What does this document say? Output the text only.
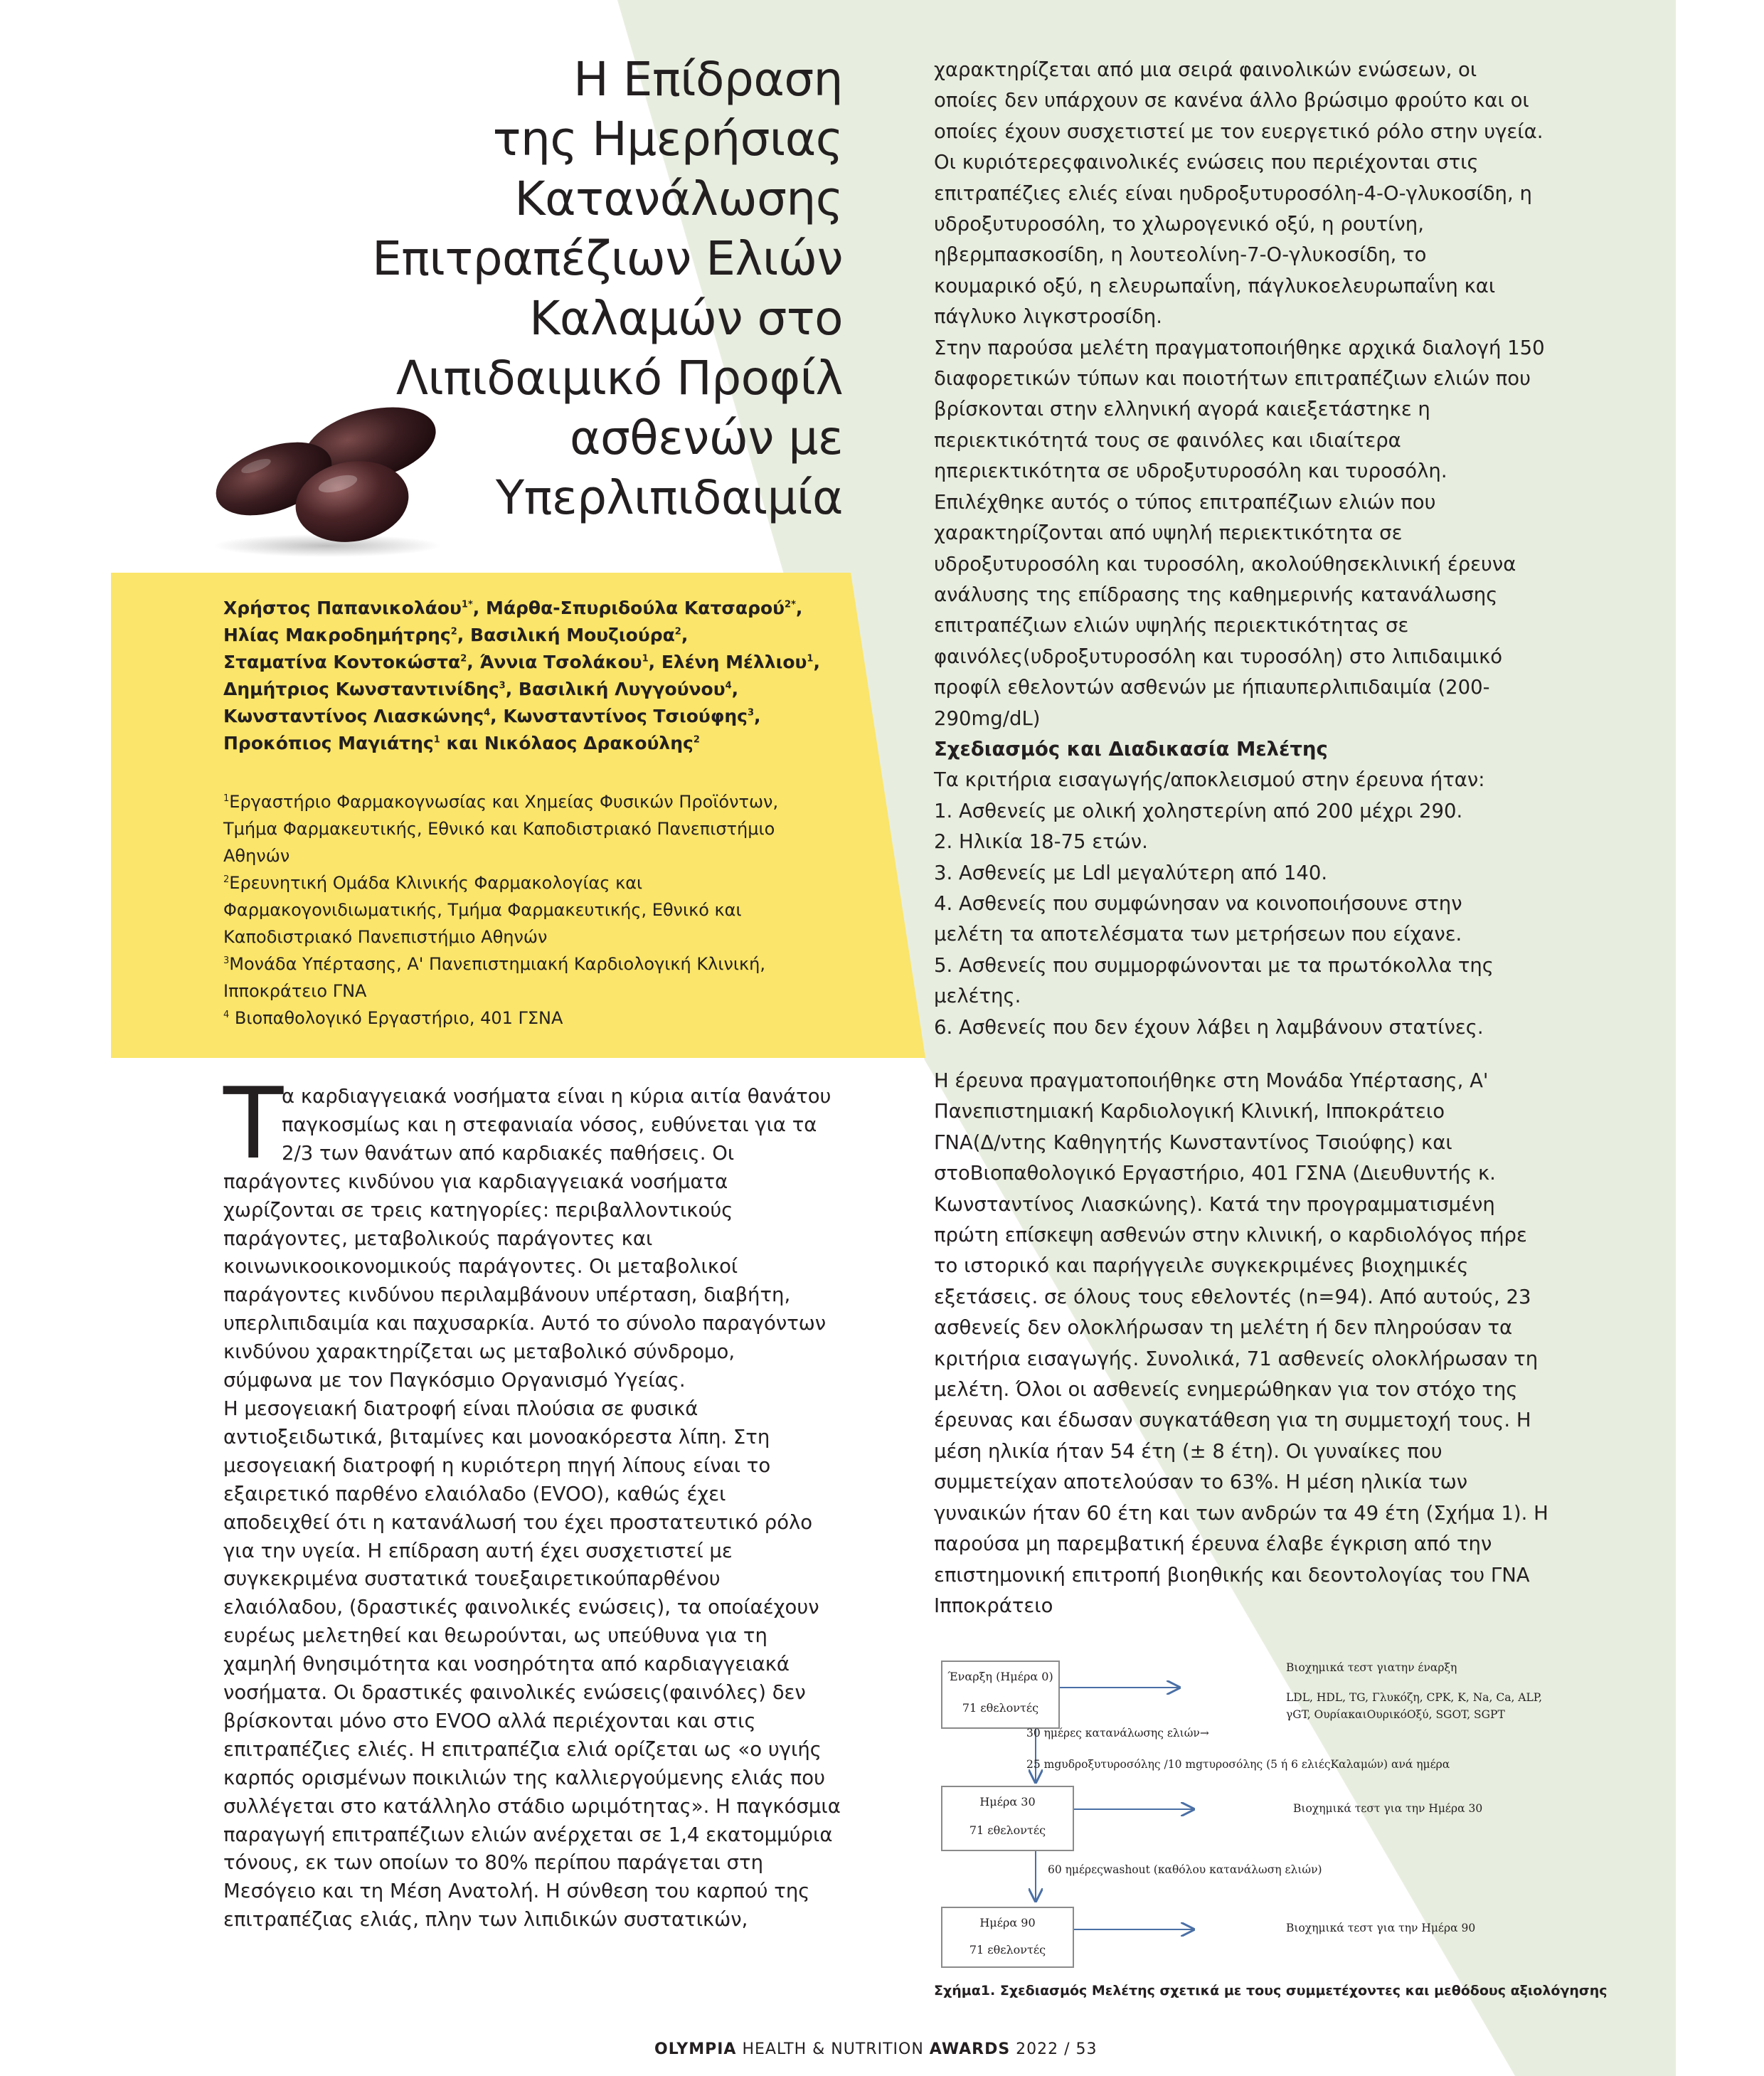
Η Επίδραση
της Ημερήσιας
Κατανάλωσης
Επιτραπέζιων Ελιών
Καλαμών στο
Λιπιδαιμικό Προφίλ
ασθενών με
Υπερλιπιδαιμία
Χρήστος Παπανικολάου$^{1*}$, Μάρθα-Σπυριδούλα Κατσαρού$^{2*}$
Ηλίας Μακροδημήτρης$^2$, Βασιλική Μουζιούρα$^2$,
Σταματίνα Κοντοκώστα$^2$, Άννια Τσολάκου$^1$, Ελένη Μέλλιου$^1$
Δημήτριος Κωνσταντινίδης$^3$, Βασιλική Λυγγούνου$^4$,
Κωνσταντίνος Λιασκώνης$^4$, Κωνσταντίνος Τσιούφης$^3$,
Προκόπιος Μαγιάτης$^1$ και Νικόλαος Δρακούλης$^2$
$^1$Εργαστήριο Φαρμακογνωσίας και Χημείας Φυσικών Προϊόντων,
Τμήμα Φαρμακευτικής, Εθνικό και Καποδιστριακό Πανεπιστήμιο
Αθηνών
$^2$Ερευνητική Ομάδα Κλινικής Φαρμακολογίας και
Φαρμακογονιδιωματικής, Τμήμα Φαρμακευτικής, Εθνικό και
Καποδιστριακό Πανεπιστήμιο Αθηνών
$^3$Μονάδα Υπέρτασης, Α' Πανεπιστημιακή Καρδιολογική Κλινική,
Ιπποκράτειο ΓΝΑ
$^4$ Βιοπαθολογικό Εργαστήριο, 401 ΓΣΝΑ
Τ
α καρδιαγγειακά νοσήματα είναι η κύρια αιτία θανάτου
παγκοσμίως και η στεφανιαία νόσος, ευθύνεται για τα
2/3 των θανάτων από καρδιακές παθήσεις. Οι
παράγοντες κινδύνου για καρδιαγγειακά νοσήματα
χωρίζονται σε τρεις κατηγορίες: περιβαλλοντικούς
παράγοντες, μεταβολικούς παράγοντες και
κοινωνικοοικονομικούς παράγοντες. Οι μεταβολικοί
παράγοντες κινδύνου περιλαμβάνουν υπέρταση, διαβήτη,
υπερλιπιδαιμία και παχυσαρκία. Αυτό το σύνολο παραγόντων
κινδύνου χαρακτηρίζεται ως μεταβολικό σύνδρομο,
σύμφωνα με τον Παγκόσμιο Οργανισμό Υγείας.
Η μεσογειακή διατροφή είναι πλούσια σε φυσικά
αντιοξειδωτικά, βιταμίνες και μονοακόρεστα λίπη. Στη
μεσογειακή διατροφή η κυριότερη πηγή λίπους είναι το
εξαιρετικό παρθένο ελαιόλαδο (EVOO), καθώς έχει
αποδειχθεί ότι η κατανάλωσή του έχει προστατευτικό ρόλο
για την υγεία. Η επίδραση αυτή έχει συσχετιστεί με
συγκεκριμένα συστατικά τουεξαιρετικούπαρθένου
ελαιόλαδου, (δραστικές φαινολικές ενώσεις), τα οποίαέχουν
ευρέως μελετηθεί και θεωρούνται, ως υπεύθυνα για τη
χαμηλή θνησιμότητα και νοσηρότητα από καρδιαγγειακά
νοσήματα. Οι δραστικές φαινολικές ενώσεις(φαινόλες) δεν
βρίσκονται μόνο στο EVOO αλλά περιέχονται και στις
επιτραπέζιες ελιές. Η επιτραπέζια ελιά ορίζεται ως «ο υγιής
καρπός ορισμένων ποικιλιών της καλλιεργούμενης ελιάς που
συλλέγεται στο κατάλληλο στάδιο ωριμότητας». Η παγκόσμια
παραγωγή επιτραπέζιων ελιών ανέρχεται σε 1,4 εκατομμύρια
τόνους, εκ των οποίων το 80% περίπου παράγεται στη
Μεσόγειο και τη Μέση Ανατολή. Η σύνθεση του καρπού της
επιτραπέζιας ελιάς, πλην των λιπιδικών συστατικών,
χαρακτηρίζεται από μια σειρά φαινολικών ενώσεων, οι
οποίες δεν υπάρχουν σε κανένα άλλο βρώσιμο φρούτο και οι
οποίες έχουν συσχετιστεί με τον ευεργετικό ρόλο στην υγεία.
Οι κυριότερεςφαινολικές ενώσεις που περιέχονται στις
επιτραπέζιες ελιές είναι ηυδροξυτυροσόλη-4-Ο-γλυκοσίδη, η
υδροξυτυροσόλη, το χλωρογενικό οξύ, η ρουτίνη,
ηβερμπασκοσίδη, η λουτεολίνη-7-Ο-γλυκοσίδη, το
κουμαρικό οξύ, η ελευρωπαΐνη, πάγλυκοελευρωπαΐνη και
πάγλυκο λιγκστροσίδη.
Στην παρούσα μελέτη πραγματοποιήθηκε αρχικά διαλογή 150
διαφορετικών τύπων και ποιοτήτων επιτραπέζιων ελιών που
βρίσκονται στην ελληνική αγορά καιεξετάστηκε η
περιεκτικότητά τους σε φαινόλες και ιδιαίτερα
ηπεριεκτικότητα σε υδροξυτυροσόλη και τυροσόλη.
Επιλέχθηκε αυτός ο τύπος επιτραπέζιων ελιών που
χαρακτηρίζονται από υψηλή περιεκτικότητα σε
υδροξυτυροσόλη και τυροσόλη, ακολούθησεκλινική έρευνα
ανάλυσης της επίδρασης της καθημερινής κατανάλωσης
επιτραπέζιων ελιών υψηλής περιεκτικότητας σε
φαινόλες(υδροξυτυροσόλη και τυροσόλη) στο λιπιδαιμικό
προφίλ εθελοντών ασθενών με ήπιαυπερλιπιδαιμία (200-
290mg/dL)
Σχεδιασμός και Διαδικασία Μελέτης
Τα κριτήρια εισαγωγής/αποκλεισμού στην έρευνα ήταν:
1. Ασθενείς με ολική χοληστερίνη από 200 μέχρι 290.
2. Ηλικία 18-75 ετών.
3. Ασθενείς με Ldl μεγαλύτερη από 140.
4. Ασθενείς που συμφώνησαν να κοινοποιήσουνε στην
μελέτη τα αποτελέσματα των μετρήσεων που είχανε.
5. Ασθενείς που συμμορφώνονται με τα πρωτόκολλα της
μελέτης.
6. Ασθενείς που δεν έχουν λάβει η λαμβάνουν στατίνες.
Η έρευνα πραγματοποιήθηκε στη Μονάδα Υπέρτασης, Α'
Πανεπιστημιακή Καρδιολογική Κλινική, Ιπποκράτειο
ΓΝΑ(Δ/ντης Καθηγητής Κωνσταντίνος Τσιούφης) και
στοΒιοπαθολογικό Εργαστήριο, 401 ΓΣΝΑ (Διευθυντής κ.
Κωνσταντίνος Λιασκώνης). Κατά την προγραμματισμένη
πρώτη επίσκεψη ασθενών στην κλινική, ο καρδιολόγος πήρε
το ιστορικό και παρήγγειλε συγκεκριμένες βιοχημικές
εξετάσεις. σε όλους τους εθελοντές (n=94). Από αυτούς, 23
ασθενείς δεν ολοκλήρωσαν τη μελέτη ή δεν πληρούσαν τα
κριτήρια εισαγωγής. Συνολικά, 71 ασθενείς ολοκλήρωσαν τη
μελέτη. Όλοι οι ασθενείς ενημερώθηκαν για τον στόχο της
έρευνας και έδωσαν συγκατάθεση για τη συμμετοχή τους. Η
μέση ηλικία ήταν 54 έτη (± 8 έτη). Οι γυναίκες που
συμμετείχαν αποτελούσαν το 63%. Η μέση ηλικία των
γυναικών ήταν 60 έτη και των ανδρών τα 49 έτη (Σχήμα 1). Η
παρούσα μη παρεμβατική έρευνα έλαβε έγκριση από την
επιστημονική επιτροπή βιοηθικής και δεοντολογίας του ΓΝΑ
Ιπποκράτειο
Έναρξη (Ημέρα 0)
71 εθελοντές
Βιοχημικά τεστ γιατην έναρξη
LDL, HDL, TG, Γλυκόζη, CPK, K, Na, Ca, ALP,
γGT, ΟυρίακαιΟυρικόΟξύ, SGOT, SGPT
30 ημέρες κατανάλωσης ελιών→
25 mgυδροξυτυροσόλης /10 mgτυροσόλης (5 ή 6 ελιέςΚαλαμών) ανά ημέρα
Ημέρα 30
71 εθελοντές
Βιοχημικά τεστ για την Ημέρα 30
60 ημέρεςwashout (καθόλου κατανάλωση ελιών)
Ημέρα 90
71 εθελοντές
Βιοχημικά τεστ για την Ημέρα 90
Σχήμα1. Σχεδιασμός Μελέτης σχετικά με τους συμμετέχοντες και μεθόδους αξιολόγησης
OLYMPIA HEALTH & NUTRITION AWARDS 2022 / 53
